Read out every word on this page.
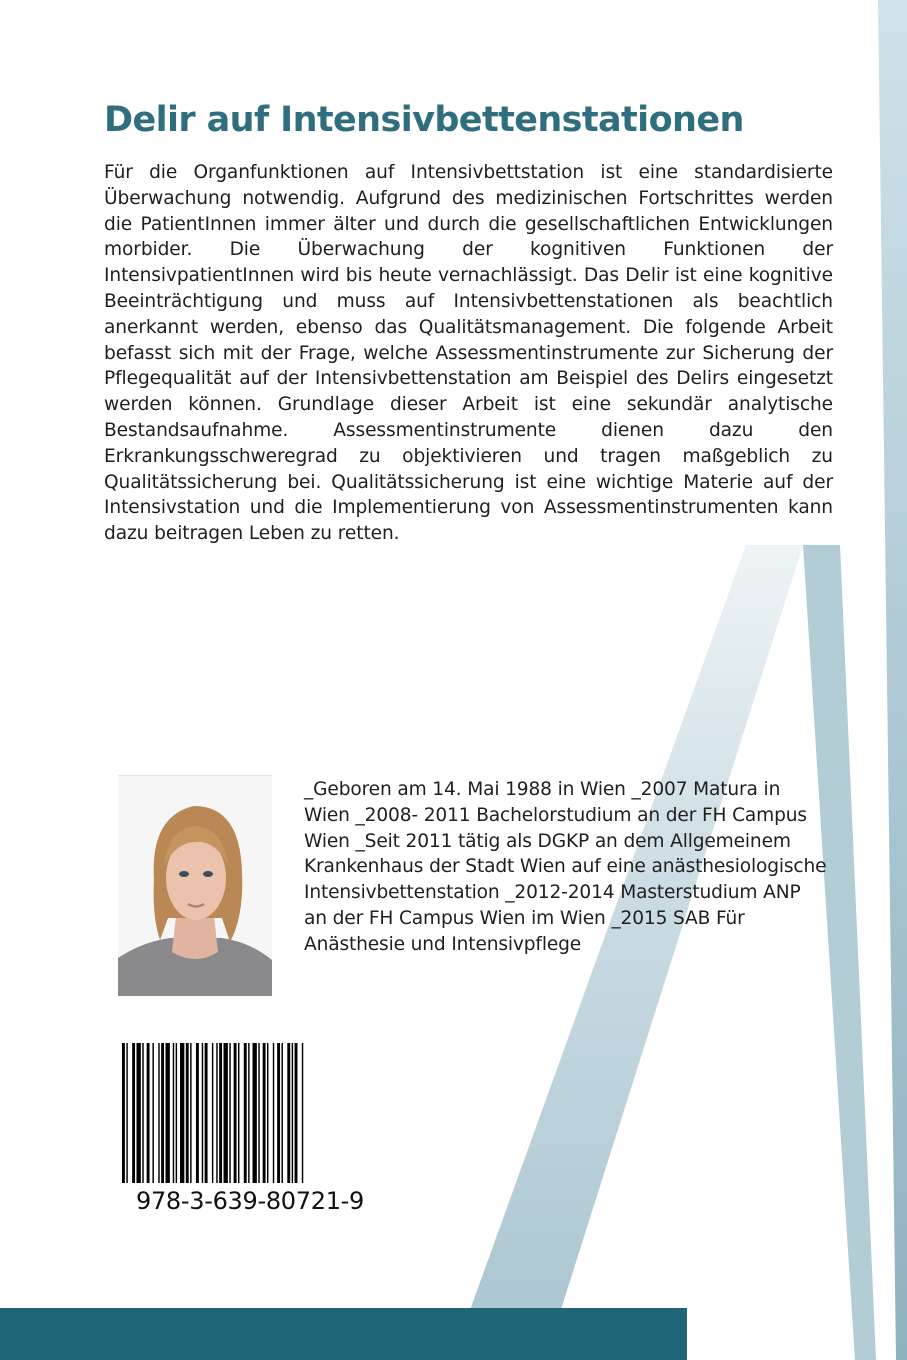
Delir auf Intensivbettenstationen

Für die Organfunktionen auf Intensivbettstation ist eine standardisierte Überwachung notwendig. Aufgrund des medizinischen Fortschrittes werden die PatientInnen immer älter und durch die gesellschaftlichen Entwicklungen morbider. Die Überwachung der kognitiven Funktionen der IntensivpatientInnen wird bis heute vernachlässigt. Das Delir ist eine kognitive Beeinträchtigung und muss auf Intensivbettenstationen als beachtlich anerkannt werden, ebenso das Qualitätsmanagement. Die folgende Arbeit befasst sich mit der Frage, welche Assessmentinstrumente zur Sicherung der Pflegequalität auf der Intensivbettenstation am Beispiel des Delirs eingesetzt werden können. Grundlage dieser Arbeit ist eine sekundär analytische Bestandsaufnahme. Assessmentinstrumente dienen dazu den Erkrankungsschweregrad zu objektivieren und tragen maßgeblich zu Qualitätssicherung bei. Qualitätssicherung ist eine wichtige Materie auf der Intensivstation und die Implementierung von Assessmentinstrumenten kann dazu beitragen Leben zu retten.

_Geboren am 14. Mai 1988 in Wien _2007 Matura in Wien _2008- 2011 Bachelorstudium an der FH Campus Wien _Seit 2011 tätig als DGKP an dem Allgemeinem Krankenhaus der Stadt Wien auf eine anästhesiologische Intensivbettenstation _2012-2014 Masterstudium ANP an der FH Campus Wien im Wien _2015 SAB Für Anästhesie und Intensivpflege

978-3-639-80721-9
